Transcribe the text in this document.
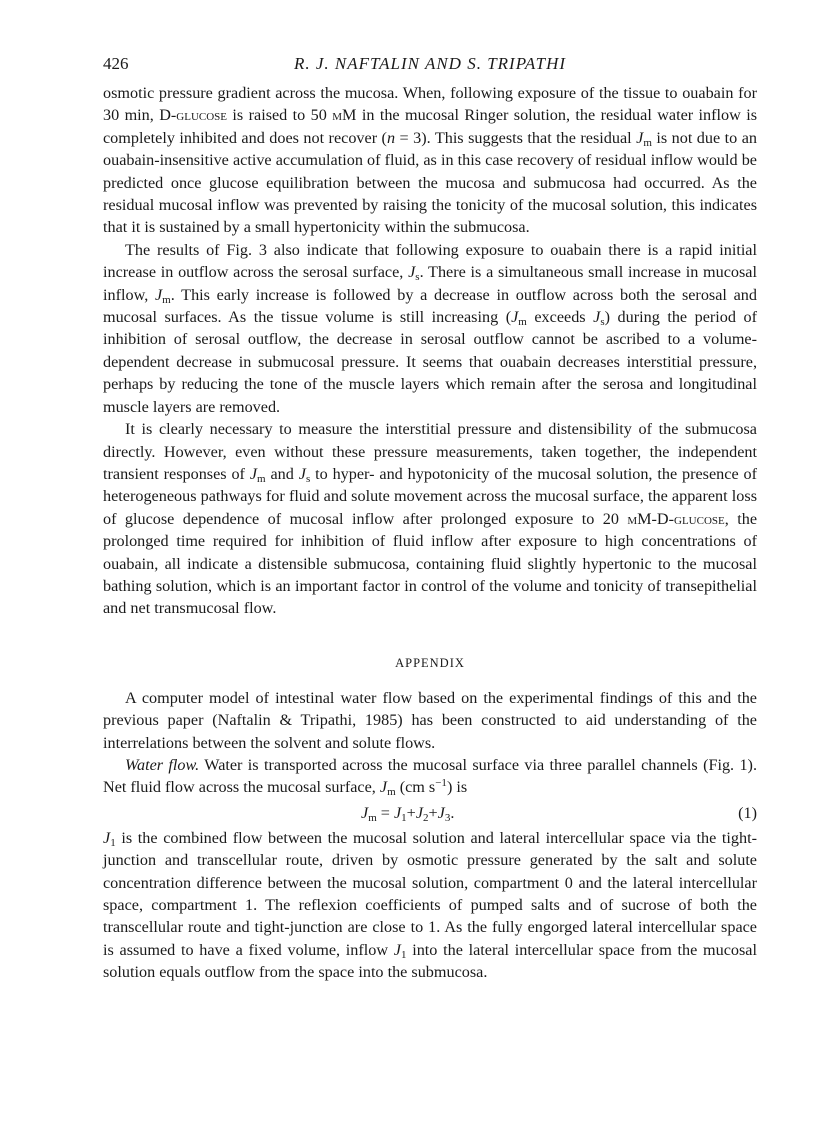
426	R. J. NAFTALIN AND S. TRIPATHI

osmotic pressure gradient across the mucosa. When, following exposure of the tissue to ouabain for 30 min, D-glucose is raised to 50 mM in the mucosal Ringer solution, the residual water inflow is completely inhibited and does not recover (n = 3). This suggests that the residual $J_m$ is not due to an ouabain-insensitive active accumulation of fluid, as in this case recovery of residual inflow would be predicted once glucose equilibration between the mucosa and submucosa had occurred. As the residual mucosal inflow was prevented by raising the tonicity of the mucosal solution, this indicates that it is sustained by a small hypertonicity within the submucosa.

The results of Fig. 3 also indicate that following exposure to ouabain there is a rapid initial increase in outflow across the serosal surface, $J_s$. There is a simultaneous small increase in mucosal inflow, $J_m$. This early increase is followed by a decrease in outflow across both the serosal and mucosal surfaces. As the tissue volume is still increasing ($J_m$ exceeds $J_s$) during the period of inhibition of serosal outflow, the decrease in serosal outflow cannot be ascribed to a volume-dependent decrease in submucosal pressure. It seems that ouabain decreases interstitial pressure, perhaps by reducing the tone of the muscle layers which remain after the serosa and longitudinal muscle layers are removed.

It is clearly necessary to measure the interstitial pressure and distensibility of the submucosa directly. However, even without these pressure measurements, taken together, the independent transient responses of $J_m$ and $J_s$ to hyper- and hypotonicity of the mucosal solution, the presence of heterogeneous pathways for fluid and solute movement across the mucosal surface, the apparent loss of glucose dependence of mucosal inflow after prolonged exposure to 20 mM-D-glucose, the prolonged time required for inhibition of fluid inflow after exposure to high concentrations of ouabain, all indicate a distensible submucosa, containing fluid slightly hypertonic to the mucosal bathing solution, which is an important factor in control of the volume and tonicity of transepithelial and net transmucosal flow.

APPENDIX

A computer model of intestinal water flow based on the experimental findings of this and the previous paper (Naftalin & Tripathi, 1985) has been constructed to aid understanding of the interrelations between the solvent and solute flows.

Water flow. Water is transported across the mucosal surface via three parallel channels (Fig. 1). Net fluid flow across the mucosal surface, $J_m$ (cm $s^{-1}$) is

$J_m = J_1+J_2+J_3$.	(1)

$J_1$ is the combined flow between the mucosal solution and lateral intercellular space via the tight-junction and transcellular route, driven by osmotic pressure generated by the salt and solute concentration difference between the mucosal solution, compartment 0 and the lateral intercellular space, compartment 1. The reflexion coefficients of pumped salts and of sucrose of both the transcellular route and tight-junction are close to 1. As the fully engorged lateral intercellular space is assumed to have a fixed volume, inflow $J_1$ into the lateral intercellular space from the mucosal solution equals outflow from the space into the submucosa.
